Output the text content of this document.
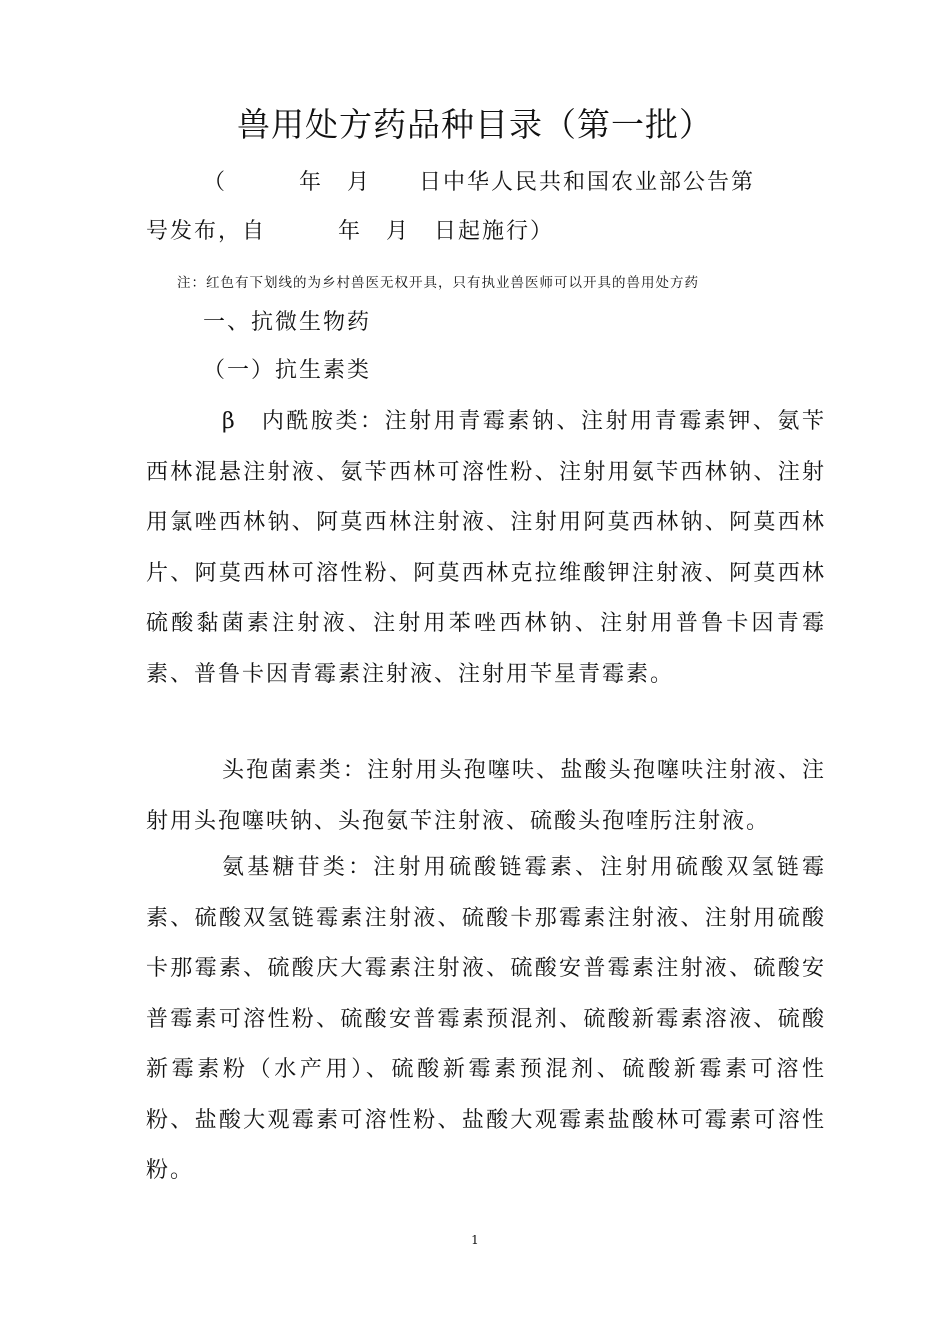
兽用处方药品种目录（第一批）
（　　　年　月　　日中华人民共和国农业部公告第
号发布，自　　　年　月　日起施行）
注：红色有下划线的为乡村兽医无权开具，只有执业兽医师可以开具的兽用处方药
一、抗微生物药
（一）抗生素类

β　内酰胺类：注射用青霉素钠、注射用青霉素钾、氨苄西林混悬注射液、氨苄西林可溶性粉、注射用氨苄西林钠、注射用氯唑西林钠、阿莫西林注射液、注射用阿莫西林钠、阿莫西林片、阿莫西林可溶性粉、阿莫西林克拉维酸钾注射液、阿莫西林硫酸黏菌素注射液、注射用苯唑西林钠、注射用普鲁卡因青霉素、普鲁卡因青霉素注射液、注射用苄星青霉素。

头孢菌素类：注射用头孢噻呋、盐酸头孢噻呋注射液、注射用头孢噻呋钠、头孢氨苄注射液、硫酸头孢喹肟注射液。

氨基糖苷类：注射用硫酸链霉素、注射用硫酸双氢链霉素、硫酸双氢链霉素注射液、硫酸卡那霉素注射液、注射用硫酸卡那霉素、硫酸庆大霉素注射液、硫酸安普霉素注射液、硫酸安普霉素可溶性粉、硫酸安普霉素预混剂、硫酸新霉素溶液、硫酸新霉素粉（水产用）、硫酸新霉素预混剂、硫酸新霉素可溶性粉、盐酸大观霉素可溶性粉、盐酸大观霉素盐酸林可霉素可溶性粉。

1
